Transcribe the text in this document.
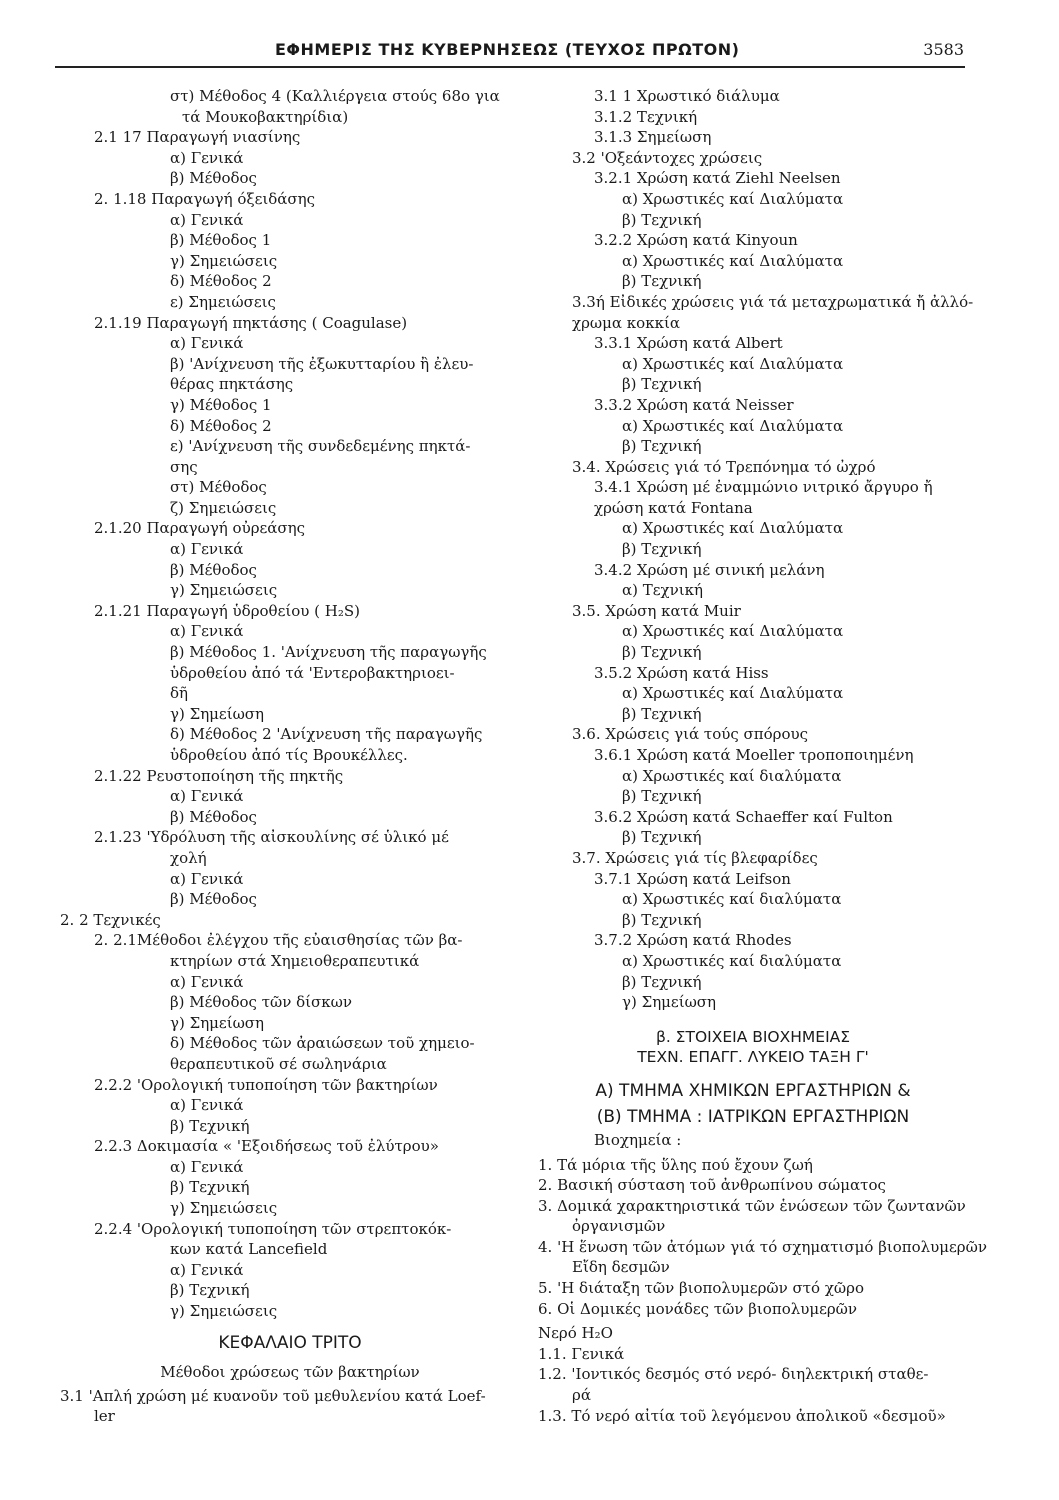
ΕΦΗΜΕΡΙΣ ΤΗΣ ΚΥΒΕΡΝΗΣΕΩΣ (ΤΕΥΧΟΣ ΠΡΩΤΟΝ)	3583
στ) Μέθοδος 4 (Καλλιέργεια στούς 68ο για
τά Μουκοβακτηρίδια)
2.1 17 Παραγωγή νιασίνης
α) Γενικά
β) Μέθοδος
2. 1.18 Παραγωγή όξειδάσης
α) Γενικά
β) Μέθοδος 1
γ) Σημειώσεις
δ) Μέθοδος 2
ε) Σημειώσεις
2.1.19 Παραγωγή πηκτάσης ( Coagulase)
α) Γενικά
β) 'Ανίχνευση τῆς ἐξωκυτταρίου ἢ ἐλευ-
θέρας πηκτάσης
γ) Μέθοδος 1
δ) Μέθοδος 2
ε) 'Ανίχνευση τῆς συνδεδεμένης πηκτά-
σης
στ) Μέθοδος
ζ) Σημειώσεις
2.1.20 Παραγωγή οὐρεάσης
α) Γενικά
β) Μέθοδος
γ) Σημειώσεις
2.1.21 Παραγωγή ὑδροθείου ( H₂S)
α) Γενικά
β) Μέθοδος 1. 'Ανίχνευση τῆς παραγωγῆς
ὑδροθείου ἀπό τά 'Εντεροβακτηριοει-
δῆ
γ) Σημείωση
δ) Μέθοδος 2 'Ανίχνευση τῆς παραγωγῆς
ὑδροθείου ἀπό τίς Βρουκέλλες.
2.1.22 Ρευστοποίηση τῆς πηκτῆς
α) Γενικά
β) Μέθοδος
2.1.23 'Υδρόλυση τῆς αἰσκουλίνης σέ ὑλικό μέ
χολή
α) Γενικά
β) Μέθοδος
2. 2 Τεχνικές
2. 2.1Μέθοδοι ἐλέγχου τῆς εὐαισθησίας τῶν βα-
κτηρίων στά Χημειοθεραπευτικά
α) Γενικά
β) Μέθοδος τῶν δίσκων
γ) Σημείωση
δ) Μέθοδος τῶν ἀραιώσεων τοῦ χημειο-
θεραπευτικοῦ σέ σωληνάρια
2.2.2 'Ορολογική τυποποίηση τῶν βακτηρίων
α) Γενικά
β) Τεχνική
2.2.3 Δοκιμασία « 'Εξοιδήσεως τοῦ ἐλύτρου»
α) Γενικά
β) Τεχνική
γ) Σημειώσεις
2.2.4 'Ορολογική τυποποίηση τῶν στρεπτοκόκ-
κων κατά Lancefield
α) Γενικά
β) Τεχνική
γ) Σημειώσεις
ΚΕΦΑΛΑΙΟ ΤΡΙΤΟ
Μέθοδοι χρώσεως τῶν βακτηρίων
3.1 'Απλή χρώση μέ κυανοῦν τοῦ μεθυλενίου κατά Loef-
ler
3.1 1 Χρωστικό διάλυμα
3.1.2 Τεχνική
3.1.3 Σημείωση
3.2 'Οξεάντοχες χρώσεις
3.2.1 Χρώση κατά Ziehl Neelsen
α) Χρωστικές καί Διαλύματα
β) Τεχνική
3.2.2 Χρώση κατά Kinyoun
α) Χρωστικές καί Διαλύματα
β) Τεχνική
3.3ή Εἰδικές χρώσεις γιά τά μεταχρωματικά ἤ ἀλλό-
χρωμα κοκκία
3.3.1 Χρώση κατά Albert
α) Χρωστικές καί Διαλύματα
β) Τεχνική
3.3.2 Χρώση κατά Neisser
α) Χρωστικές καί Διαλύματα
β) Τεχνική
3.4. Χρώσεις γιά τό Τρεπόνημα τό ὠχρό
3.4.1 Χρώση μέ ἐναμμώνιο νιτρικό ἄργυρο ἤ
χρώση κατά Fontana
α) Χρωστικές καί Διαλύματα
β) Τεχνική
3.4.2 Χρώση μέ σινική μελάνη
α) Τεχνική
3.5. Χρώση κατά Muir
α) Χρωστικές καί Διαλύματα
β) Τεχνική
3.5.2 Χρώση κατά Hiss
α) Χρωστικές καί Διαλύματα
β) Τεχνική
3.6. Χρώσεις γιά τούς σπόρους
3.6.1 Χρώση κατά Moeller τροποποιημένη
α) Χρωστικές καί διαλύματα
β) Τεχνική
3.6.2 Χρώση κατά Schaeffer καί Fulton
β) Τεχνική
3.7. Χρώσεις γιά τίς βλεφαρίδες
3.7.1 Χρώση κατά Leifson
α) Χρωστικές καί διαλύματα
β) Τεχνική
3.7.2 Χρώση κατά Rhodes
α) Χρωστικές καί διαλύματα
β) Τεχνική
γ) Σημείωση
β. ΣΤΟΙΧΕΙΑ ΒΙΟΧΗΜΕΙΑΣ
ΤΕΧΝ. ΕΠΑΓΓ. ΛΥΚΕΙΟ ΤΑΞΗ Γ'
Α) ΤΜΗΜΑ ΧΗΜΙΚΩΝ ΕΡΓΑΣΤΗΡΙΩΝ &
(Β) ΤΜΗΜΑ : ΙΑΤΡΙΚΩΝ ΕΡΓΑΣΤΗΡΙΩΝ
Βιοχημεία :
1. Τά μόρια τῆς ὕλης πού ἔχουν ζωή
2. Βασική σύσταση τοῦ ἀνθρωπίνου σώματος
3. Δομικά χαρακτηριστικά τῶν ἑνώσεων τῶν ζωντανῶν
ὀργανισμῶν
4. 'Η ἕνωση τῶν ἀτόμων γιά τό σχηματισμό βιοπολυμερῶν
Εἴδη δεσμῶν
5. 'Η διάταξη τῶν βιοπολυμερῶν στό χῶρο
6. Οἱ Δομικές μονάδες τῶν βιοπολυμερῶν
Νερό H₂O
1.1. Γενικά
1.2. 'Ιοντικός δεσμός στό νερό- διηλεκτρική σταθε-
ρά
1.3. Τό νερό αἰτία τοῦ λεγόμενου ἀπολικοῦ «δεσμοῦ»
